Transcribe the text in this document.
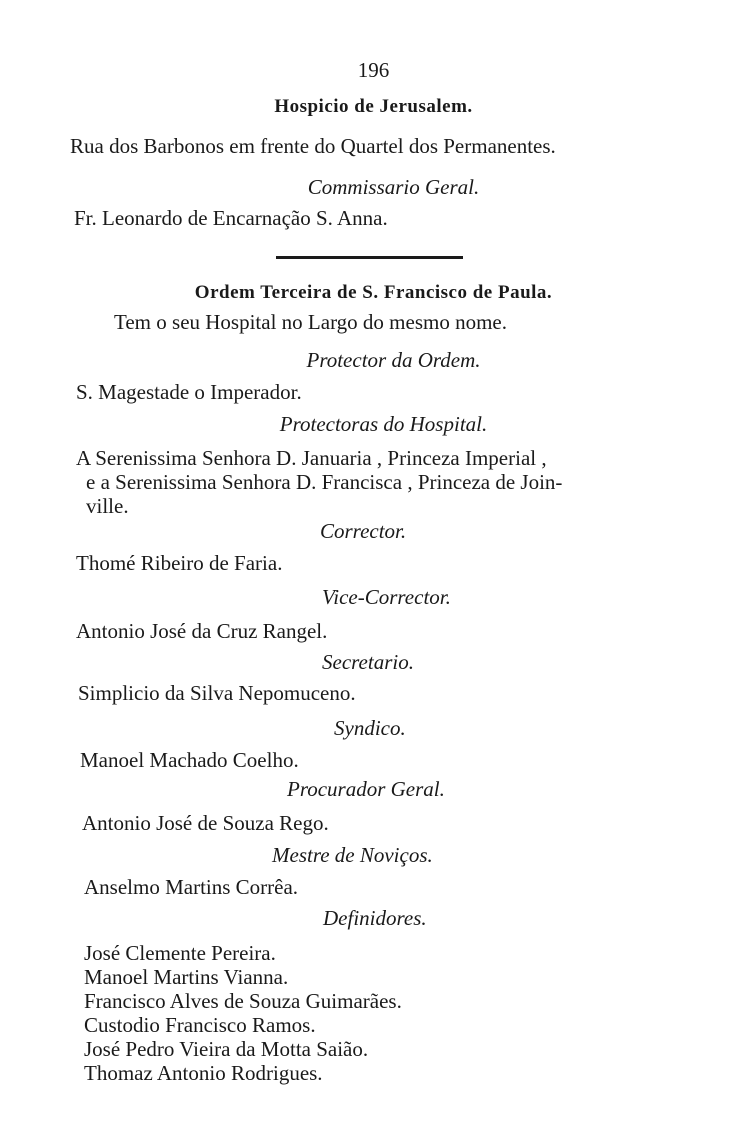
196
Hospicio de Jerusalem.
Rua dos Barbonos em frente do Quartel dos Permanentes.
Commissario Geral.
Fr. Leonardo de Encarnação S. Anna.
Ordem Terceira de S. Francisco de Paula.
Tem o seu Hospital no Largo do mesmo nome.
Protector da Ordem.
S. Magestade o Imperador.
Protectoras do Hospital.
A Serenissima Senhora D. Januaria , Princeza Imperial ,
e a Serenissima Senhora D. Francisca , Princeza de Join-
ville.
Corrector.
Thomé Ribeiro de Faria.
Vice-Corrector.
Antonio José da Cruz Rangel.
Secretario.
Simplicio da Silva Nepomuceno.
Syndico.
Manoel Machado Coelho.
Procurador Geral.
Antonio José de Souza Rego.
Mestre de Noviços.
Anselmo Martins Corrêa.
Definidores.
José Clemente Pereira.
Manoel Martins Vianna.
Francisco Alves de Souza Guimarães.
Custodio Francisco Ramos.
José Pedro Vieira da Motta Saião.
Thomaz Antonio Rodrigues.
